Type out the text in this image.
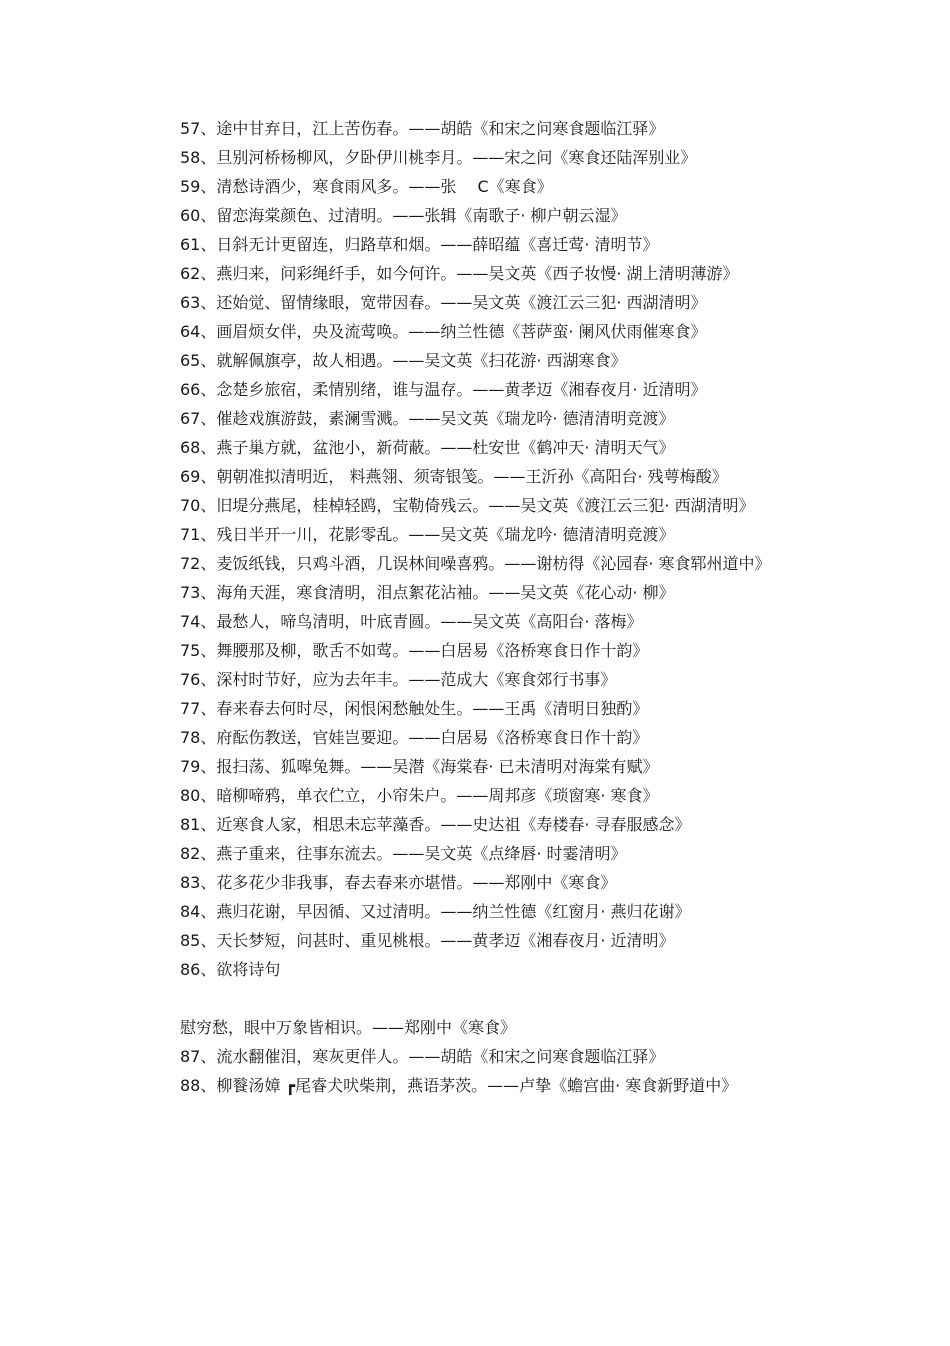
57、途中甘弃日，江上苦伤春。——胡皓《和宋之问寒食题临江驿》
58、旦别河桥杨柳风，夕卧伊川桃李月。——宋之问《寒食还陆浑别业》
59、清愁诗酒少，寒食雨风多。——张　 C《寒食》
60、留恋海棠颜色、过清明。——张辑《南歌子· 柳户朝云湿》
61、日斜无计更留连，归路草和烟。——薛昭蕴《喜迁莺· 清明节》
62、燕归来，问彩绳纤手，如今何许。——吴文英《西子妆慢· 湖上清明薄游》
63、还始觉、留情缘眼，宽带因春。——吴文英《渡江云三犯· 西湖清明》
64、画眉烦女伴，央及流莺唤。——纳兰性德《菩萨蛮· 阑风伏雨催寒食》
65、就解佩旗亭，故人相遇。——吴文英《扫花游· 西湖寒食》
66、念楚乡旅宿，柔情别绪，谁与温存。——黄孝迈《湘春夜月· 近清明》
67、催趁戏旗游鼓，素澜雪溅。——吴文英《瑞龙吟· 德清清明竞渡》
68、燕子巢方就，盆池小，新荷蔽。——杜安世《鹤冲天· 清明天气》
69、朝朝准拟清明近， 料燕翎、须寄银笺。——王沂孙《高阳台· 残萼梅酸》
70、旧堤分燕尾，桂棹轻鸥，宝勒倚残云。——吴文英《渡江云三犯· 西湖清明》
71、残日半开一川，花影零乱。——吴文英《瑞龙吟· 德清清明竞渡》
72、麦饭纸钱，只鸡斗酒，几误林间噪喜鸦。——谢枋得《沁园春· 寒食郓州道中》
73、海角天涯，寒食清明，泪点絮花沾袖。——吴文英《花心动· 柳》
74、最愁人，啼鸟清明，叶底青圆。——吴文英《高阳台· 落梅》
75、舞腰那及柳，歌舌不如莺。——白居易《洛桥寒食日作十韵》
76、深村时节好，应为去年丰。——范成大《寒食郊行书事》
77、春来春去何时尽，闲恨闲愁触处生。——王禹《清明日独酌》
78、府酝伤教送，官娃岂要迎。——白居易《洛桥寒食日作十韵》
79、报扫荡、狐嗥兔舞。——吴潜《海棠春· 已未清明对海棠有赋》
80、暗柳啼鸦，单衣伫立，小帘朱户。——周邦彦《琐窗寒· 寒食》
81、近寒食人家，相思未忘苹藻香。——史达祖《寿楼春· 寻春服感念》
82、燕子重来，往事东流去。——吴文英《点绛唇· 时霎清明》
83、花多花少非我事，春去春来亦堪惜。——郑刚中《寒食》
84、燕归花谢，早因循、又过清明。——纳兰性德《红窗月· 燕归花谢》
85、天长梦短，问甚时、重见桃根。——黄孝迈《湘春夜月· 近清明》
86、欲将诗句
慰穷愁，眼中万象皆相识。——郑刚中《寒食》
87、流水翻催泪，寒灰更伴人。——胡皓《和宋之问寒食题临江驿》
88、柳餮汤嫜 ┏尾睿犬吠柴荆，燕语茅茨。——卢挚《蟾宫曲· 寒食新野道中》
